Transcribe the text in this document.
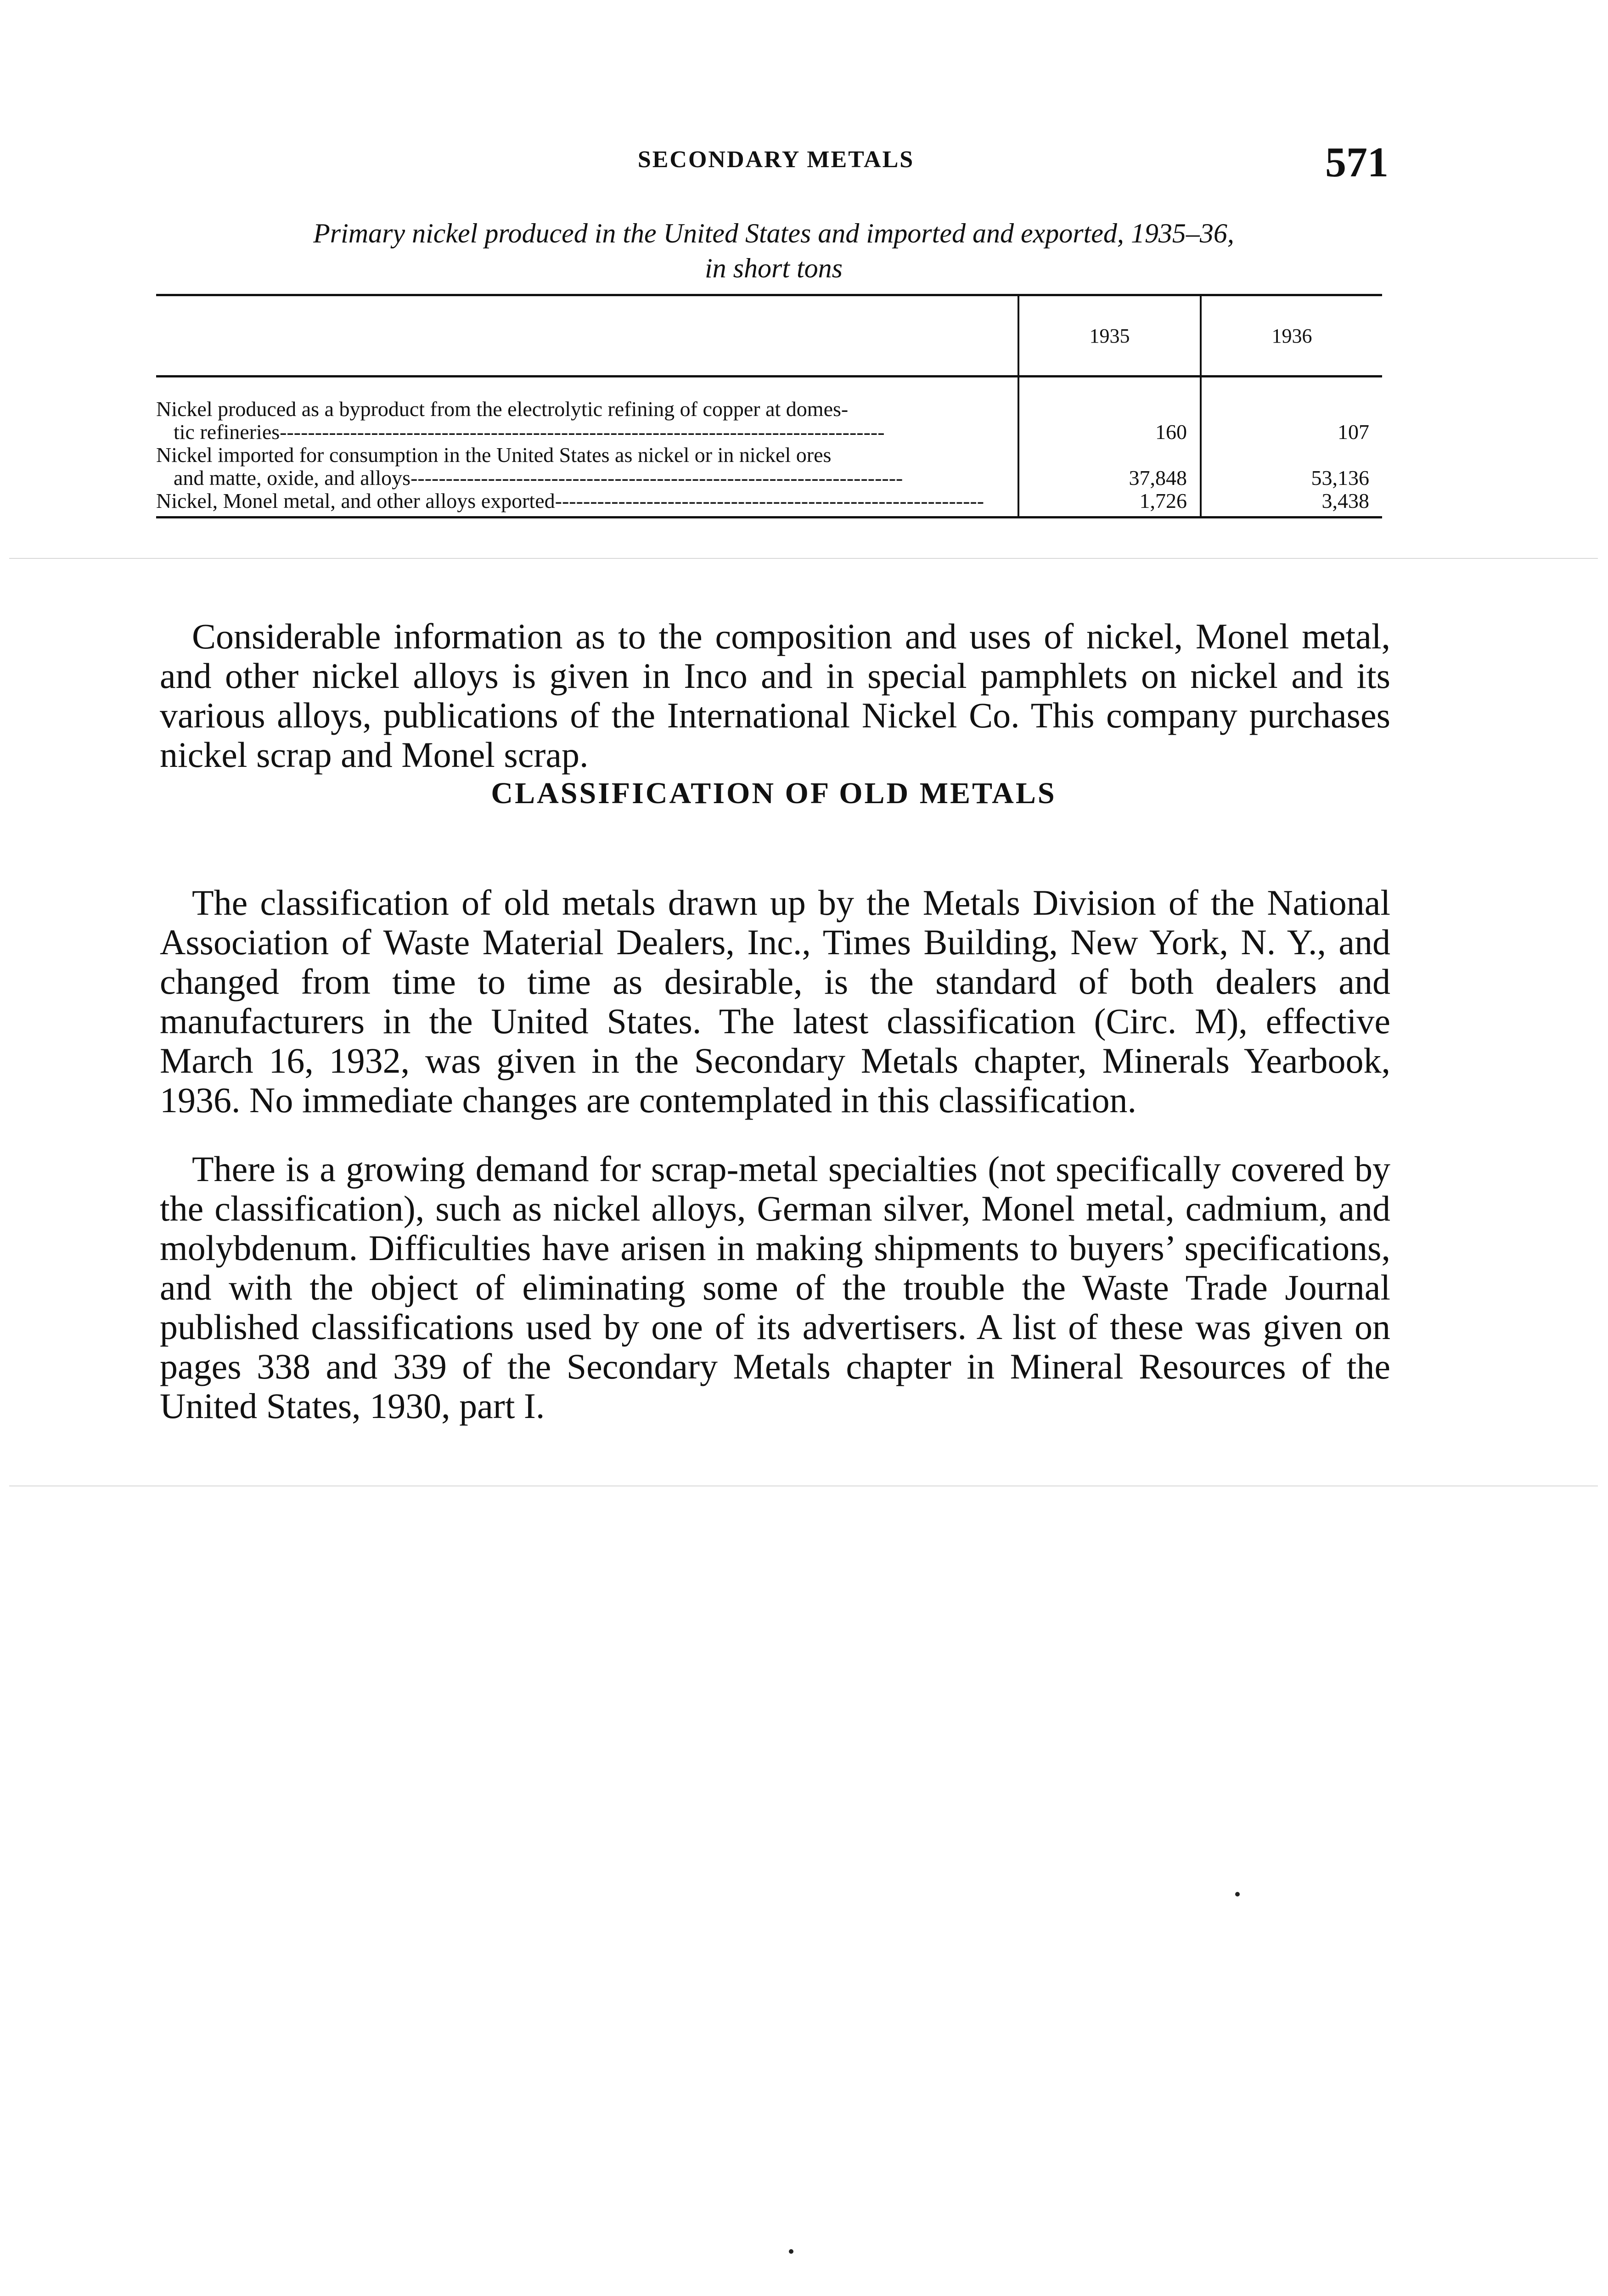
SECONDARY METALS	571
Primary nickel produced in the United States and imported and exported, 1935–36,
in short tons
	1935	1936
Nickel produced as a byproduct from the electrolytic refining of copper at domes-
tic refineries--------------------------------------------------------------------------------------	160	107
Nickel imported for consumption in the United States as nickel or in nickel ores
and matte, oxide, and alloys----------------------------------------------------------------------	37,848	53,136
Nickel, Monel metal, and other alloys exported-------------------------------------------------------------	1,726	3,438

Considerable information as to the composition and uses of nickel, Monel metal, and other nickel alloys is given in Inco and in special pamphlets on nickel and its various alloys, publications of the International Nickel Co. This company purchases nickel scrap and Monel scrap.

CLASSIFICATION OF OLD METALS

The classification of old metals drawn up by the Metals Division of the National Association of Waste Material Dealers, Inc., Times Building, New York, N. Y., and changed from time to time as desirable, is the standard of both dealers and manufacturers in the United States. The latest classification (Circ. M), effective March 16, 1932, was given in the Secondary Metals chapter, Minerals Yearbook, 1936. No immediate changes are contemplated in this classification.

There is a growing demand for scrap-metal specialties (not specifically covered by the classification), such as nickel alloys, German silver, Monel metal, cadmium, and molybdenum. Difficulties have arisen in making shipments to buyers’ specifications, and with the object of eliminating some of the trouble the Waste Trade Journal published classifications used by one of its advertisers. A list of these was given on pages 338 and 339 of the Secondary Metals chapter in Mineral Resources of the United States, 1930, part I.
